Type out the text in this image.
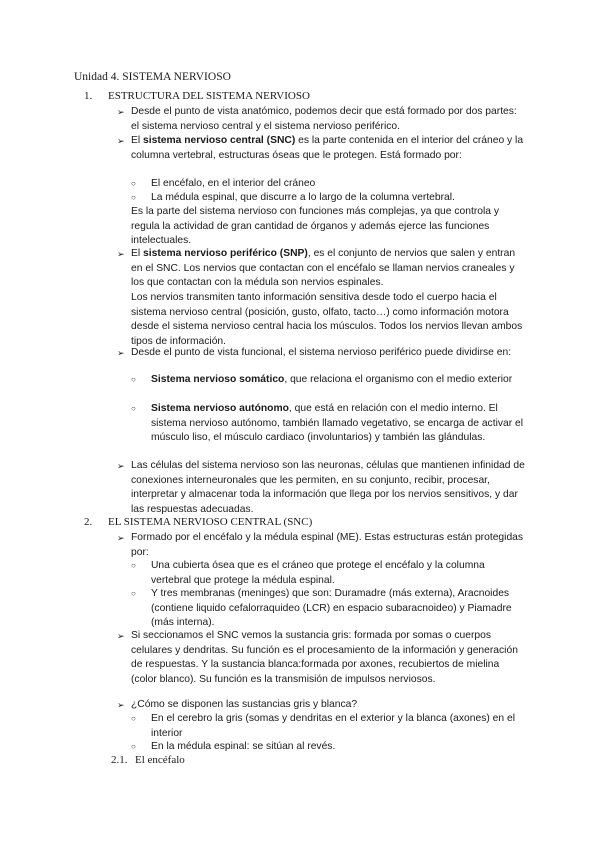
Unidad 4. SISTEMA NERVIOSO
1. ESTRUCTURA DEL SISTEMA NERVIOSO
➢ Desde el punto de vista anatómico, podemos decir que está formado por dos partes: el sistema nervioso central y el sistema nervioso periférico.
➢ El sistema nervioso central (SNC) es la parte contenida en el interior del cráneo y la columna vertebral, estructuras óseas que le protegen. Está formado por:
○ El encéfalo, en el interior del cráneo
○ La médula espinal, que discurre a lo largo de la columna vertebral.
Es la parte del sistema nervioso con funciones más complejas, ya que controla y regula la actividad de gran cantidad de órganos y además ejerce las funciones intelectuales.
➢ El sistema nervioso periférico (SNP), es el conjunto de nervios que salen y entran en el SNC. Los nervios que contactan con el encéfalo se llaman nervios craneales y los que contactan con la médula son nervios espinales.
Los nervios transmiten tanto información sensitiva desde todo el cuerpo hacia el sistema nervioso central (posición, gusto, olfato, tacto…) como información motora desde el sistema nervioso central hacia los músculos. Todos los nervios llevan ambos tipos de información.
➢ Desde el punto de vista funcional, el sistema nervioso periférico puede dividirse en:
○ Sistema nervioso somático, que relaciona el organismo con el medio exterior
○ Sistema nervioso autónomo, que está en relación con el medio interno. El sistema nervioso autónomo, también llamado vegetativo, se encarga de activar el músculo liso, el músculo cardiaco (involuntarios) y también las glándulas.
➢ Las células del sistema nervioso son las neuronas, células que mantienen infinidad de conexiones interneuronales que les permiten, en su conjunto, recibir, procesar, interpretar y almacenar toda la información que llega por los nervios sensitivos, y dar las respuestas adecuadas.
2. EL SISTEMA NERVIOSO CENTRAL (SNC)
➢ Formado por el encéfalo y la médula espinal (ME). Estas estructuras están protegidas por:
○ Una cubierta ósea que es el cráneo que protege el encéfalo y la columna vertebral que protege la médula espinal.
○ Y tres membranas (meninges) que son: Duramadre (más externa), Aracnoides (contiene liquido cefalorraquideo (LCR) en espacio subaracnoideo) y Piamadre (más interna).
➢ Si seccionamos el SNC vemos la sustancia gris: formada por somas o cuerpos celulares y dendritas. Su función es el procesamiento de la información y generación de respuestas. Y la sustancia blanca:formada por axones, recubiertos de mielina (color blanco). Su función es la transmisión de impulsos nerviosos.
➢ ¿Cómo se disponen las sustancias gris y blanca?
○ En el cerebro la gris (somas y dendritas en el exterior y la blanca (axones) en el interior
○ En la médula espinal: se sitúan al revés.
2.1. El encéfalo
